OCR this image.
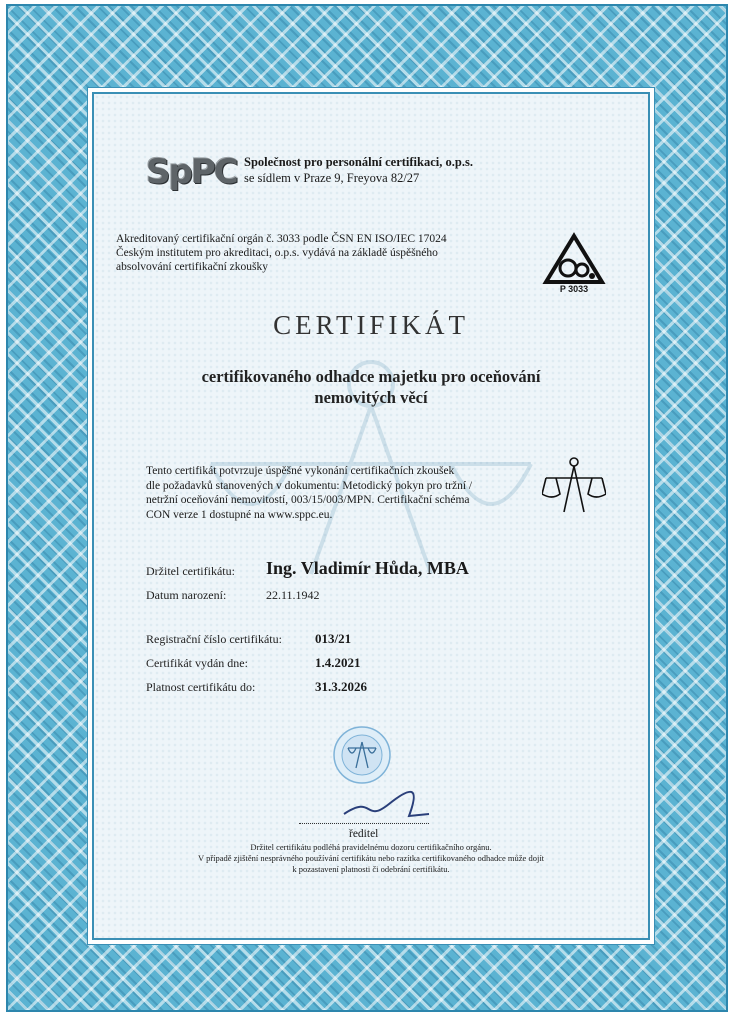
SpPC Společnost pro personální certifikaci, o.p.s.
se sídlem v Praze 9, Freyova 82/27
Akreditovaný certifikační orgán č. 3033 podle ČSN EN ISO/IEC 17024
Českým institutem pro akreditaci, o.p.s. vydává na základě úspěšného
absolvování certifikační zkoušky
P 3033
CERTIFIKÁT
certifikovaného odhadce majetku pro oceňování
nemovitých věcí
Tento certifikát potvrzuje úspěšné vykonání certifikačních zkoušek
dle požadavků stanovených v dokumentu: Metodický pokyn pro tržní /
netržní oceňování nemovitostí, 003/15/003/MPN. Certifikační schéma
CON verze 1 dostupné na www.sppc.eu.
Držitel certifikátu: Ing. Vladimír Hůda, MBA
Datum narození:	22.11.1942
Registrační číslo certifikátu:	013/21
Certifikát vydán dne:	1.4.2021
Platnost certifikátu do:	31.3.2026
ředitel
Držitel certifikátu podléhá pravidelnému dozoru certifikačního orgánu.
V případě zjištění nesprávného používání certifikátu nebo razítka certifikovaného odhadce může dojít
k pozastavení platnosti či odebrání certifikátu.
